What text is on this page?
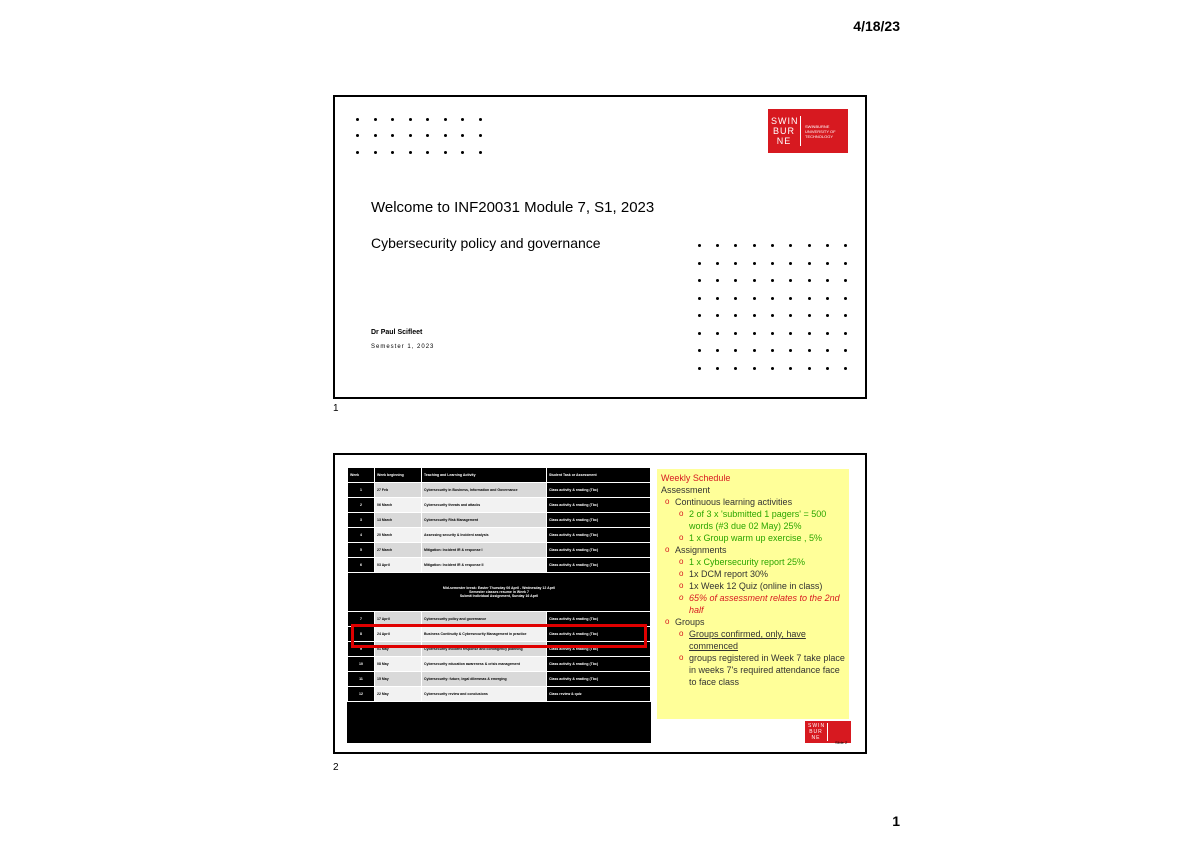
4/18/23
SWIN BUR NE
SWINBURNE UNIVERSITY OF TECHNOLOGY
Welcome to INF20031 Module 7, S1, 2023
Cybersecurity policy and governance
Dr Paul Scifleet
Semester 1, 2023
1
Week	Week beginning	Teaching and Learning Activity	Student Task or Assessment
1	27 Feb	Cybersecurity in Business, Information and Governance	Class activity & reading (Tbc)
2	06 March	Cybersecurity threats and attacks	Class activity & reading (Tbc)
3	13 March	Cybersecurity Risk Management	Class activity & reading (Tbc)
4	20 March	Assessing security & Incident analysis	Class activity & reading (Tbc)
5	27 March	Mitigation: Incident IR & response I	Class activity & reading (Tbc)
6	03 April	Mitigation: Incident IR & response II	Class activity & reading (Tbc)

Mid-semester break: Easter Thursday 06 April - Wednesday 12 April
Semester classes resume in Week 7
Submit Individual Assignment, Sunday 16 April			

7	17 April	Cybersecurity policy and governance	Class activity & reading (Tbc)
8	24 April	Business Continuity & Cybersecurity Management in practice	Class activity & reading (Tbc)
9	01 May	Cybersecurity incident response and contingency planning	Class activity & reading (Tbc)
10	08 May	Cybersecurity education awareness & crisis management	Class activity & reading (Tbc)
11	15 May	Cybersecurity: future, legal dilemmas & emerging	Class activity & reading (Tbc)
12	22 May	Cybersecurity review and conclusions	Class review & quiz
Weekly Schedule
Assessment
o Continuous learning activities
o 2 of 3 x 'submitted 1 pagers' = 500 words (#3 due 02 May) 25%
o 1 x Group warm up exercise , 5%
o Assignments
o 1 x Cybersecurity report 25%
o 1x DCM report 30%
o 1x Week 12 Quiz (online in class)
o 65% of assessment relates to the 2nd half
o Groups
o Groups confirmed, only, have commenced
o groups registered in Week 7 take place in weeks 7's required attendance face to face class
SWIN BUR NE
Slide 2
2
1
